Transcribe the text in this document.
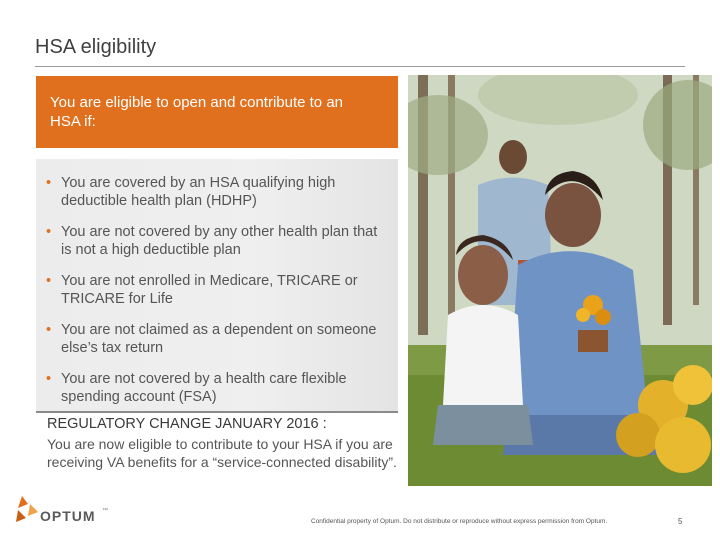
HSA eligibility
You are eligible to open and contribute to an HSA if:
• You are covered by an HSA qualifying high deductible health plan (HDHP)
• You are not covered by any other health plan that is not a high deductible plan
• You are not enrolled in Medicare, TRICARE or TRICARE for Life
• You are not claimed as a dependent on someone else’s tax return
• You are not covered by a health care flexible spending account (FSA)
REGULATORY CHANGE JANUARY 2016 :
You are now eligible to contribute to your HSA if you are receiving VA benefits for a “service-connected disability”.
OPTUM ™
Confidential property of Optum. Do not distribute or reproduce without express permission from Optum.	5
